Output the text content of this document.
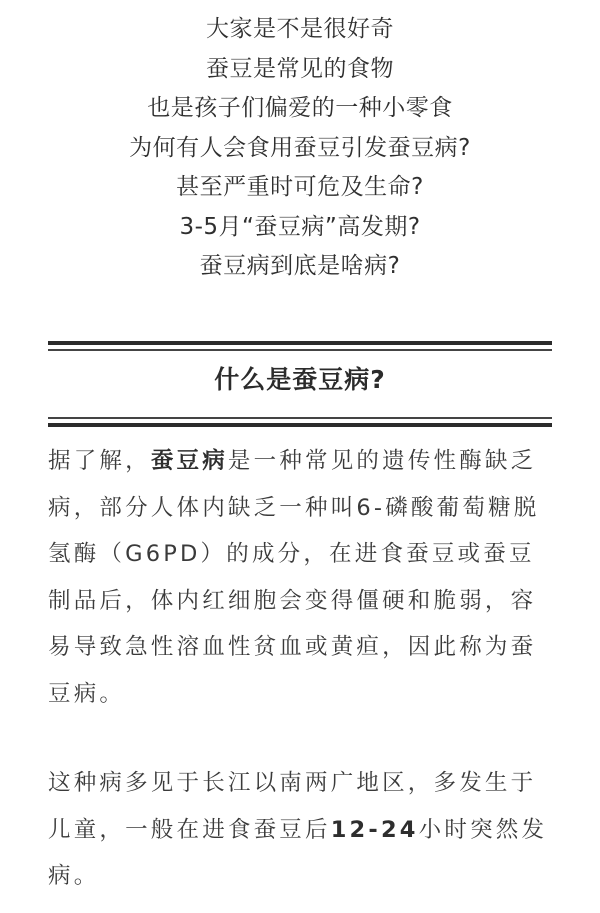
大家是不是很好奇
蚕豆是常见的食物
也是孩子们偏爱的一种小零食
为何有人会食用蚕豆引发蚕豆病?
甚至严重时可危及生命?
3-5月“蚕豆病”高发期?
蚕豆病到底是啥病?
什么是蚕豆病?
据了解，蚕豆病是一种常见的遗传性酶缺乏病，部分人体内缺乏一种叫6-磷酸葡萄糖脱氢酶（G6PD）的成分，在进食蚕豆或蚕豆制品后，体内红细胞会变得僵硬和脆弱，容易导致急性溶血性贫血或黄疸，因此称为蚕豆病。
这种病多见于长江以南两广地区，多发生于儿童，一般在进食蚕豆后12-24小时突然发病。
